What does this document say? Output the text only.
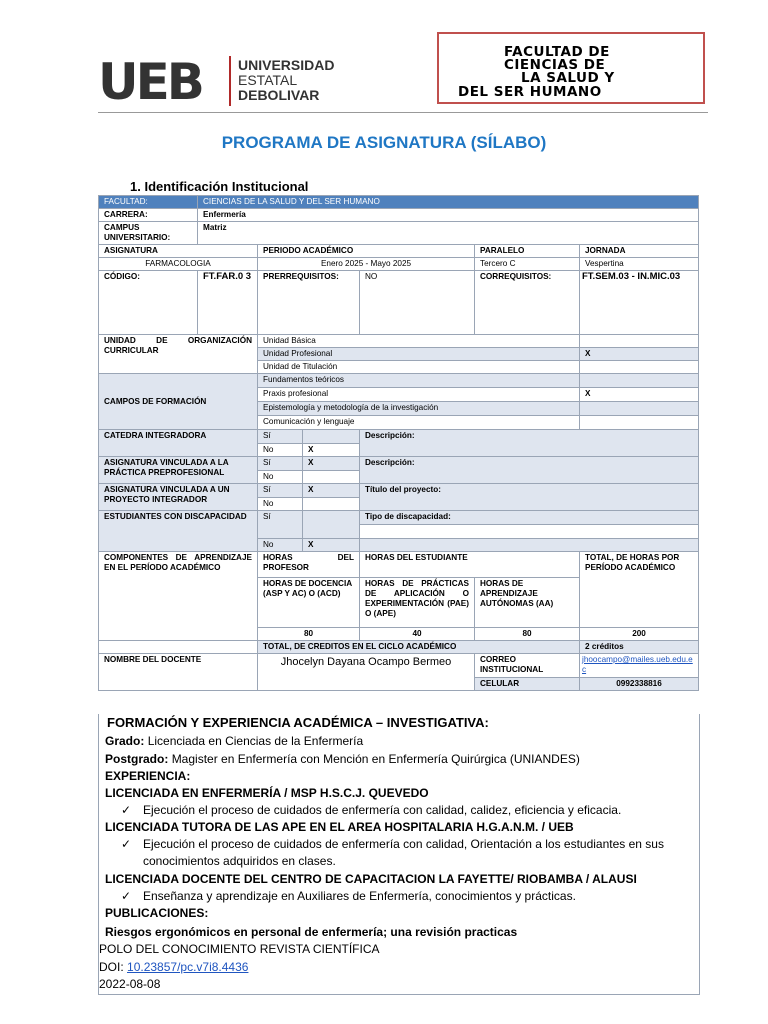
UEB	UNIVERSIDAD
ESTATAL
DEBOLIVAR
FACULTAD DE
CIENCIAS DE
LA SALUD Y
DEL SER HUMANO
PROGRAMA DE ASIGNATURA (SÍLABO)
1. Identificación Institucional
FACULTAD:	CIENCIAS DE LA SALUD Y DEL SER HUMANO					
CARRERA:	Enfermería					
CAMPUS UNIVERSITARIO:	Matriz					
ASIGNATURA		PERIODO ACADÉMICO			PARALELO	JORNADA
FARMACOLOGIA		Enero 2025 - Mayo 2025			Tercero C	Vespertina
CÓDIGO:	FT.FAR.0 3	PRERREQUISITOS:		NO	CORREQUISITOS:	FT.SEM.03 - IN.MIC.03
UNIDAD DE ORGANIZACIÓN CURRICULAR		Unidad Básica				
		Unidad Profesional				X
		Unidad de Titulación				
CAMPOS DE FORMACIÓN		Fundamentos teóricos				
		Praxis profesional				X
		Epistemología y metodología de la investigación				
		Comunicación y lenguaje				
CATEDRA INTEGRADORA		Sí		Descripción:		
		No	X			
ASIGNATURA VINCULADA A LA PRÁCTICA PREPROFESIONAL		Sí	X	Descripción:		
		No				
ASIGNATURA VINCULADA A UN PROYECTO INTEGRADOR		Sí	X	Título del proyecto:		
		No				
ESTUDIANTES CON DISCAPACIDAD		Sí		Tipo de discapacidad:		

		No	X			
COMPONENTES DE APRENDIZAJE EN EL PERÍODO ACADÉMICO		HORAS DEL PROFESOR		HORAS DEL ESTUDIANTE		TOTAL, DE HORAS POR PERÍODO ACADÉMICO
		HORAS DE DOCENCIA (ASP Y AC) O (ACD)		HORAS DE PRÁCTICAS DE APLICACIÓN O EXPERIMENTACIÓN (PAE) O (APE)	HORAS DE APRENDIZAJE AUTÓNOMAS (AA)	
		80		40	80	200
		TOTAL, DE CREDITOS EN EL CICLO ACADÉMICO				2 créditos
NOMBRE DEL DOCENTE		Jhocelyn Dayana Ocampo Bermeo			CORREO INSTITUCIONAL	jhoocampo@mailes.ueb.edu.ec
					CELULAR	0992338816
FORMACIÓN Y EXPERIENCIA ACADÉMICA – INVESTIGATIVA:
Grado: Licenciada en Ciencias de la Enfermería
Postgrado: Magister en Enfermería con Mención en Enfermería Quirúrgica (UNIANDES)
EXPERIENCIA:
LICENCIADA EN ENFERMERÍA / MSP H.S.C.J. QUEVEDO
✓ Ejecución el proceso de cuidados de enfermería con calidad, calidez, eficiencia y eficacia.
LICENCIADA TUTORA DE LAS APE EN EL AREA HOSPITALARIA H.G.A.N.M. / UEB
✓ Ejecución el proceso de cuidados de enfermería con calidad, Orientación a los estudiantes en sus
conocimientos adquiridos en clases.
LICENCIADA DOCENTE DEL CENTRO DE CAPACITACION LA FAYETTE/ RIOBAMBA / ALAUSI
✓ Enseñanza y aprendizaje en Auxiliares de Enfermería, conocimientos y prácticas.
PUBLICACIONES:
Riesgos ergonómicos en personal de enfermería; una revisión practicas
POLO DEL CONOCIMIENTO REVISTA CIENTÍFICA
DOI: 10.23857/pc.v7i8.4436
2022-08-08
